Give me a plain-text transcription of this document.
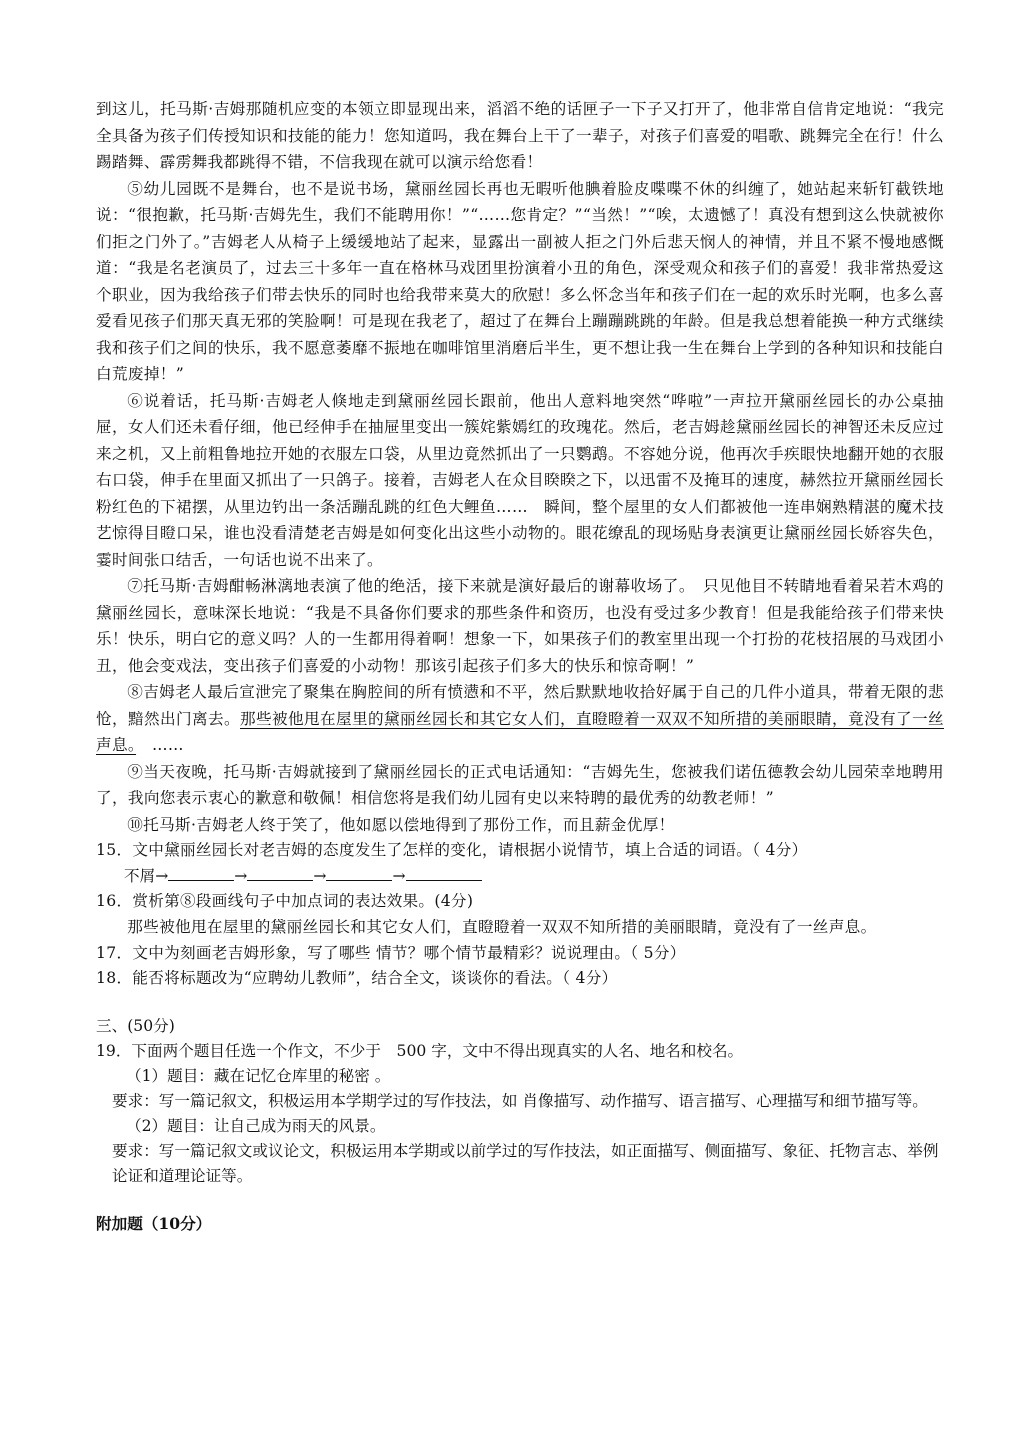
到这儿，托马斯·吉姆那随机应变的本领立即显现出来，滔滔不绝的话匣子一下子又打开了，他非常自信肯定地说：“我完全具备为孩子们传授知识和技能的能力！您知道吗，我在舞台上干了一辈子，对孩子们喜爱的唱歌、跳舞完全在行！什么踢踏舞、霹雳舞我都跳得不错，不信我现在就可以演示给您看！

⑤幼儿园既不是舞台，也不是说书场，黛丽丝园长再也无暇听他腆着脸皮喋喋不休的纠缠了，她站起来斩钉截铁地说：“很抱歉，托马斯·吉姆先生，我们不能聘用你！”“……您肯定？”“当然！”“唉，太遗憾了！真没有想到这么快就被你们拒之门外了。”吉姆老人从椅子上缓缓地站了起来，显露出一副被人拒之门外后悲天悯人的神情，并且不紧不慢地感慨道：“我是名老演员了，过去三十多年一直在格林马戏团里扮演着小丑的角色，深受观众和孩子们的喜爱！我非常热爱这个职业，因为我给孩子们带去快乐的同时也给我带来莫大的欣慰！多么怀念当年和孩子们在一起的欢乐时光啊，也多么喜爱看见孩子们那天真无邪的笑脸啊！可是现在我老了，超过了在舞台上蹦蹦跳跳的年龄。但是我总想着能换一种方式继续我和孩子们之间的快乐，我不愿意萎靡不振地在咖啡馆里消磨后半生，更不想让我一生在舞台上学到的各种知识和技能白白荒废掉！”

⑥说着话，托马斯·吉姆老人倏地走到黛丽丝园长跟前，他出人意料地突然“哗啦”一声拉开黛丽丝园长的办公桌抽屉，女人们还未看仔细，他已经伸手在抽屉里变出一簇姹紫嫣红的玫瑰花。然后，老吉姆趁黛丽丝园长的神智还未反应过来之机，又上前粗鲁地拉开她的衣服左口袋，从里边竟然抓出了一只鹦鹉。不容她分说，他再次手疾眼快地翻开她的衣服右口袋，伸手在里面又抓出了一只鸽子。接着，吉姆老人在众目睽睽之下，以迅雷不及掩耳的速度，赫然拉开黛丽丝园长粉红色的下裙摆，从里边钓出一条活蹦乱跳的红色大鲤鱼……　瞬间，整个屋里的女人们都被他一连串娴熟精湛的魔术技艺惊得目瞪口呆，谁也没看清楚老吉姆是如何变化出这些小动物的。眼花缭乱的现场贴身表演更让黛丽丝园长娇容失色，霎时间张口结舌，一句话也说不出来了。

⑦托马斯·吉姆酣畅淋漓地表演了他的绝活，接下来就是演好最后的谢幕收场了。　只见他目不转睛地看着呆若木鸡的黛丽丝园长，意味深长地说：“我是不具备你们要求的那些条件和资历，也没有受过多少教育！但是我能给孩子们带来快乐！快乐，明白它的意义吗？人的一生都用得着啊！想象一下，如果孩子们的教室里出现一个打扮的花枝招展的马戏团小丑，他会变戏法，变出孩子们喜爱的小动物！那该引起孩子们多大的快乐和惊奇啊！”

⑧吉姆老人最后宣泄完了聚集在胸腔间的所有愤懑和不平，然后默默地收拾好属于自己的几件小道具，带着无限的悲怆，黯然出门离去。那些被他甩在屋里的黛丽丝园长和其它女人们，直瞪瞪着一双双不知所措的美丽眼睛，竟没有了一丝声息。　……

⑨当天夜晚，托马斯·吉姆就接到了黛丽丝园长的正式电话通知：“吉姆先生，您被我们诺伍德教会幼儿园荣幸地聘用了，我向您表示衷心的歉意和敬佩！相信您将是我们幼儿园有史以来特聘的最优秀的幼教老师！”

⑩托马斯·吉姆老人终于笑了，他如愿以偿地得到了那份工作，而且薪金优厚！

15．文中黛丽丝园长对老吉姆的态度发生了怎样的变化，请根据小说情节，填上合适的词语。（ 4分）

不屑→	→	→	→

16．赏析第⑧段画线句子中加点词的表达效果。(4分)

那些被他甩在屋里的黛丽丝园长和其它女人们，直瞪瞪着一双双不知所措的美丽眼睛，竟没有了一丝声息。

17．文中为刻画老吉姆形象，写了哪些 情节？哪个情节最精彩？说说理由。（ 5分）

18．能否将标题改为“应聘幼儿教师”，结合全文，谈谈你的看法。（ 4分）

三、(50分)

19．下面两个题目任选一个作文，不少于　500 字，文中不得出现真实的人名、地名和校名。

（1）题目：藏在记忆仓库里的秘密 。

要求：写一篇记叙文，积极运用本学期学过的写作技法，如 肖像描写、动作描写、语言描写、心理描写和细节描写等。

（2）题目：让自己成为雨天的风景。

要求：写一篇记叙文或议论文，积极运用本学期或以前学过的写作技法，如正面描写、侧面描写、象征、托物言志、举例论证和道理论证等。

附加题（10分）
